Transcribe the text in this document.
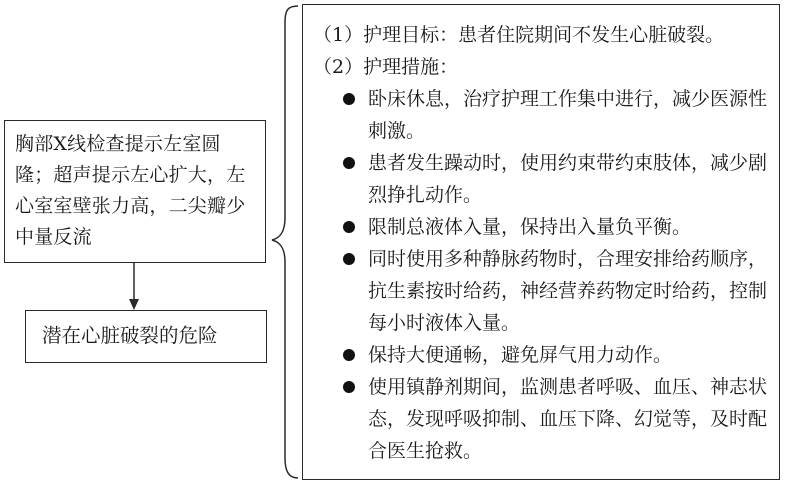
胸部X线检查提示左室圆隆；超声提示左心扩大，左心室室壁张力高，二尖瓣少中量反流
潜在心脏破裂的危险
（1）护理目标：患者住院期间不发生心脏破裂。
（2）护理措施：
卧床休息，治疗护理工作集中进行，减少医源性刺激。
患者发生躁动时，使用约束带约束肢体，减少剧烈挣扎动作。
限制总液体入量，保持出入量负平衡。
同时使用多种静脉药物时，合理安排给药顺序，抗生素按时给药，神经营养药物定时给药，控制每小时液体入量。
保持大便通畅，避免屏气用力动作。
使用镇静剂期间，监测患者呼吸、血压、神志状态，发现呼吸抑制、血压下降、幻觉等，及时配合医生抢救。
